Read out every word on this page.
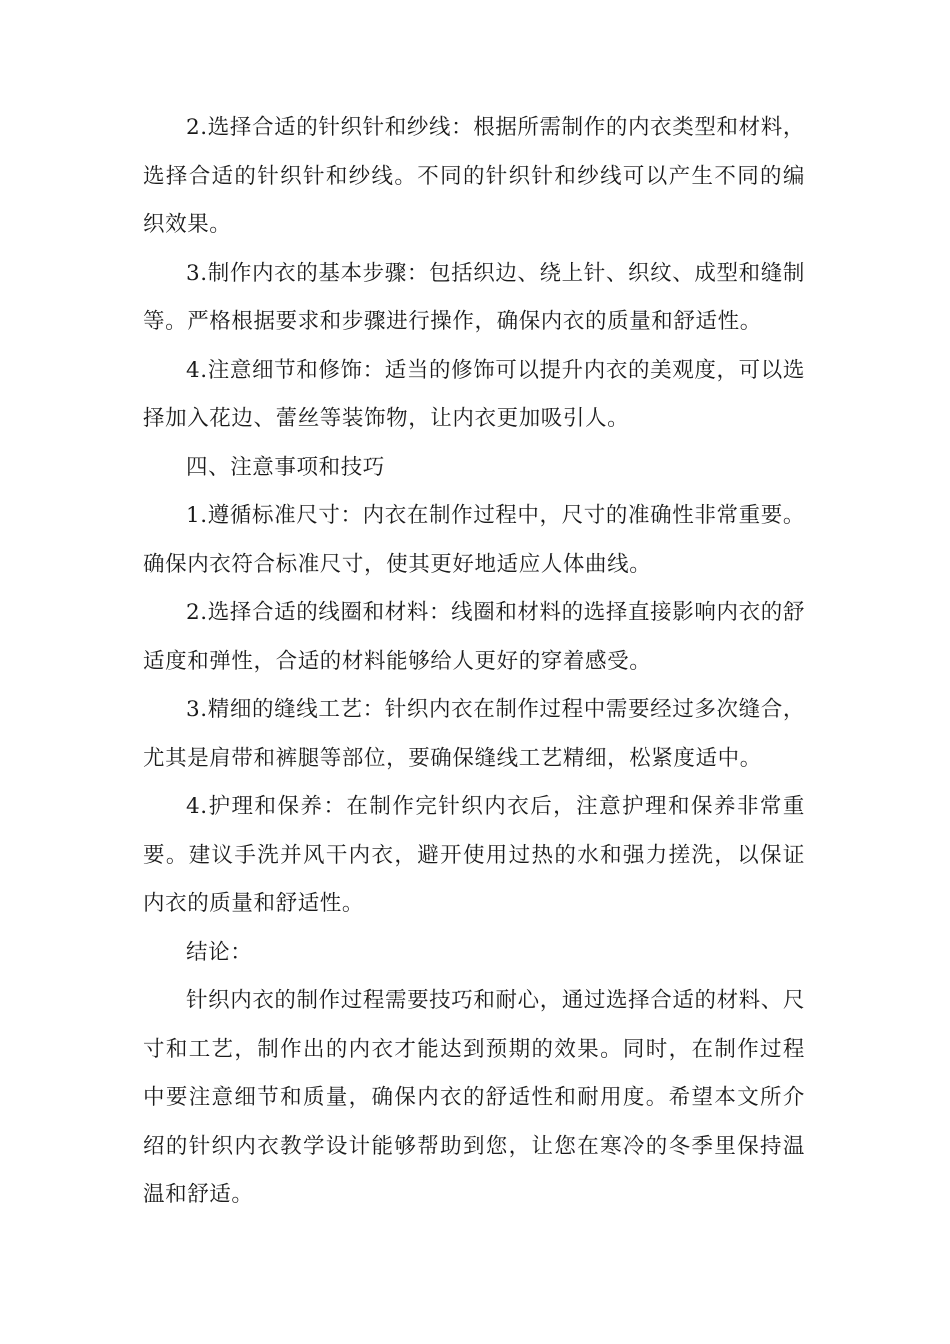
2.选择合适的针织针和纱线：根据所需制作的内衣类型和材料，选择合适的针织针和纱线。不同的针织针和纱线可以产生不同的编织效果。

3.制作内衣的基本步骤：包括织边、绕上针、织纹、成型和缝制等。严格根据要求和步骤进行操作，确保内衣的质量和舒适性。

4.注意细节和修饰：适当的修饰可以提升内衣的美观度，可以选择加入花边、蕾丝等装饰物，让内衣更加吸引人。

四、注意事项和技巧

1.遵循标准尺寸：内衣在制作过程中，尺寸的准确性非常重要。确保内衣符合标准尺寸，使其更好地适应人体曲线。

2.选择合适的线圈和材料：线圈和材料的选择直接影响内衣的舒适度和弹性，合适的材料能够给人更好的穿着感受。

3.精细的缝线工艺：针织内衣在制作过程中需要经过多次缝合，尤其是肩带和裤腿等部位，要确保缝线工艺精细，松紧度适中。

4.护理和保养：在制作完针织内衣后，注意护理和保养非常重要。建议手洗并风干内衣，避开使用过热的水和强力搓洗，以保证内衣的质量和舒适性。

结论：

针织内衣的制作过程需要技巧和耐心，通过选择合适的材料、尺寸和工艺，制作出的内衣才能达到预期的效果。同时，在制作过程中要注意细节和质量，确保内衣的舒适性和耐用度。希望本文所介绍的针织内衣教学设计能够帮助到您，让您在寒冷的冬季里保持温温和舒适。
